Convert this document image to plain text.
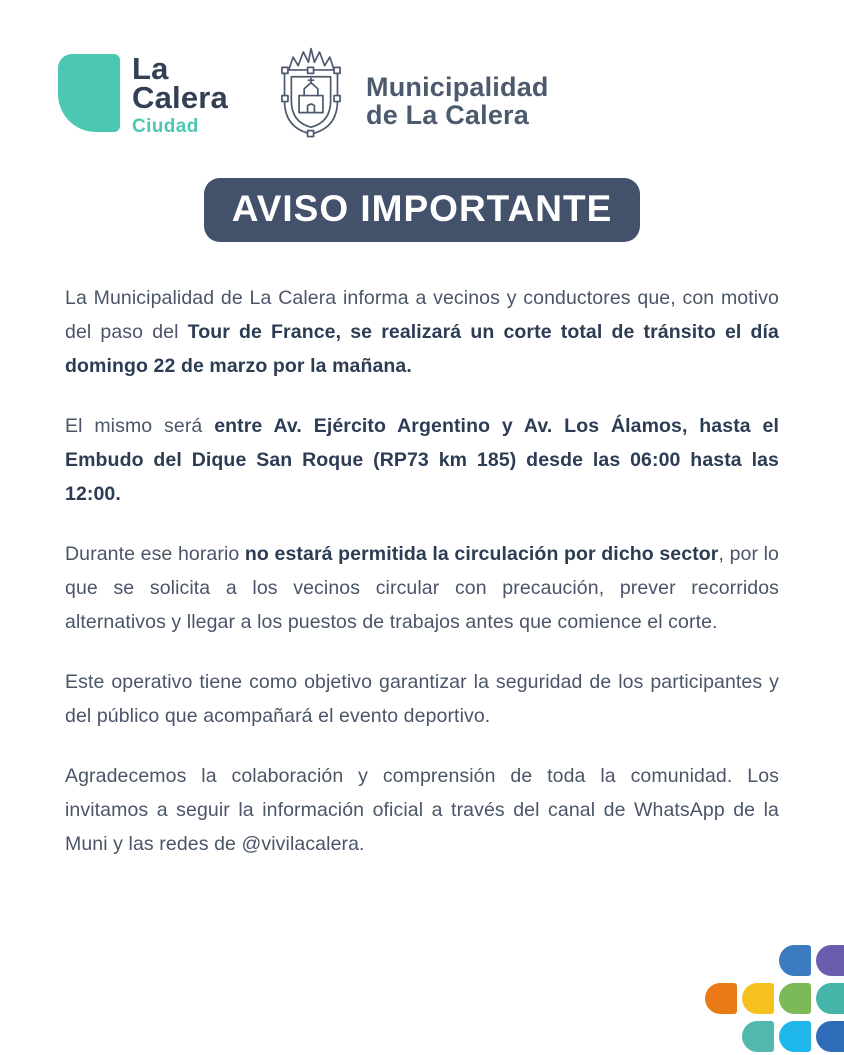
La
Calera
Ciudad
Municipalidad
de La Calera
AVISO IMPORTANTE

La Municipalidad de La Calera informa a vecinos y conductores que, con motivo del paso del Tour de France, se realizará un corte total de tránsito el día domingo 22 de marzo por la mañana.

El mismo será entre Av. Ejército Argentino y Av. Los Álamos, hasta el Embudo del Dique San Roque (RP73 km 185) desde las 06:00 hasta las 12:00.

Durante ese horario no estará permitida la circulación por dicho sector, por lo que se solicita a los vecinos circular con precaución, prever recorridos alternativos y llegar a los puestos de trabajos antes que comience el corte.

Este operativo tiene como objetivo garantizar la seguridad de los participantes y del público que acompañará el evento deportivo.

Agradecemos la colaboración y comprensión de toda la comunidad. Los invitamos a seguir la información oficial a través del canal de WhatsApp de la Muni y las redes de @vivilacalera.
